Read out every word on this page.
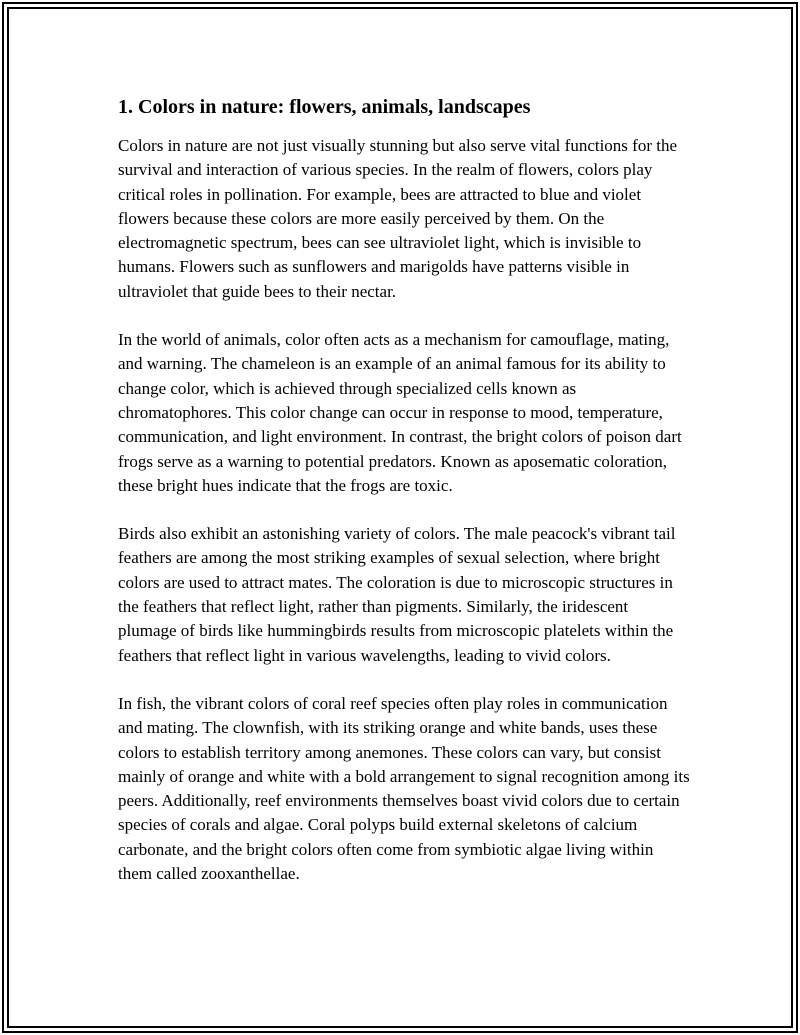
1. Colors in nature: flowers, animals, landscapes

Colors in nature are not just visually stunning but also serve vital functions for the survival and interaction of various species. In the realm of flowers, colors play critical roles in pollination. For example, bees are attracted to blue and violet flowers because these colors are more easily perceived by them. On the electromagnetic spectrum, bees can see ultraviolet light, which is invisible to humans. Flowers such as sunflowers and marigolds have patterns visible in ultraviolet that guide bees to their nectar.

In the world of animals, color often acts as a mechanism for camouflage, mating, and warning. The chameleon is an example of an animal famous for its ability to change color, which is achieved through specialized cells known as chromatophores. This color change can occur in response to mood, temperature, communication, and light environment. In contrast, the bright colors of poison dart frogs serve as a warning to potential predators. Known as aposematic coloration, these bright hues indicate that the frogs are toxic.

Birds also exhibit an astonishing variety of colors. The male peacock's vibrant tail feathers are among the most striking examples of sexual selection, where bright colors are used to attract mates. The coloration is due to microscopic structures in the feathers that reflect light, rather than pigments. Similarly, the iridescent plumage of birds like hummingbirds results from microscopic platelets within the feathers that reflect light in various wavelengths, leading to vivid colors.

In fish, the vibrant colors of coral reef species often play roles in communication and mating. The clownfish, with its striking orange and white bands, uses these colors to establish territory among anemones. These colors can vary, but consist mainly of orange and white with a bold arrangement to signal recognition among its peers. Additionally, reef environments themselves boast vivid colors due to certain species of corals and algae. Coral polyps build external skeletons of calcium carbonate, and the bright colors often come from symbiotic algae living within them called zooxanthellae.
